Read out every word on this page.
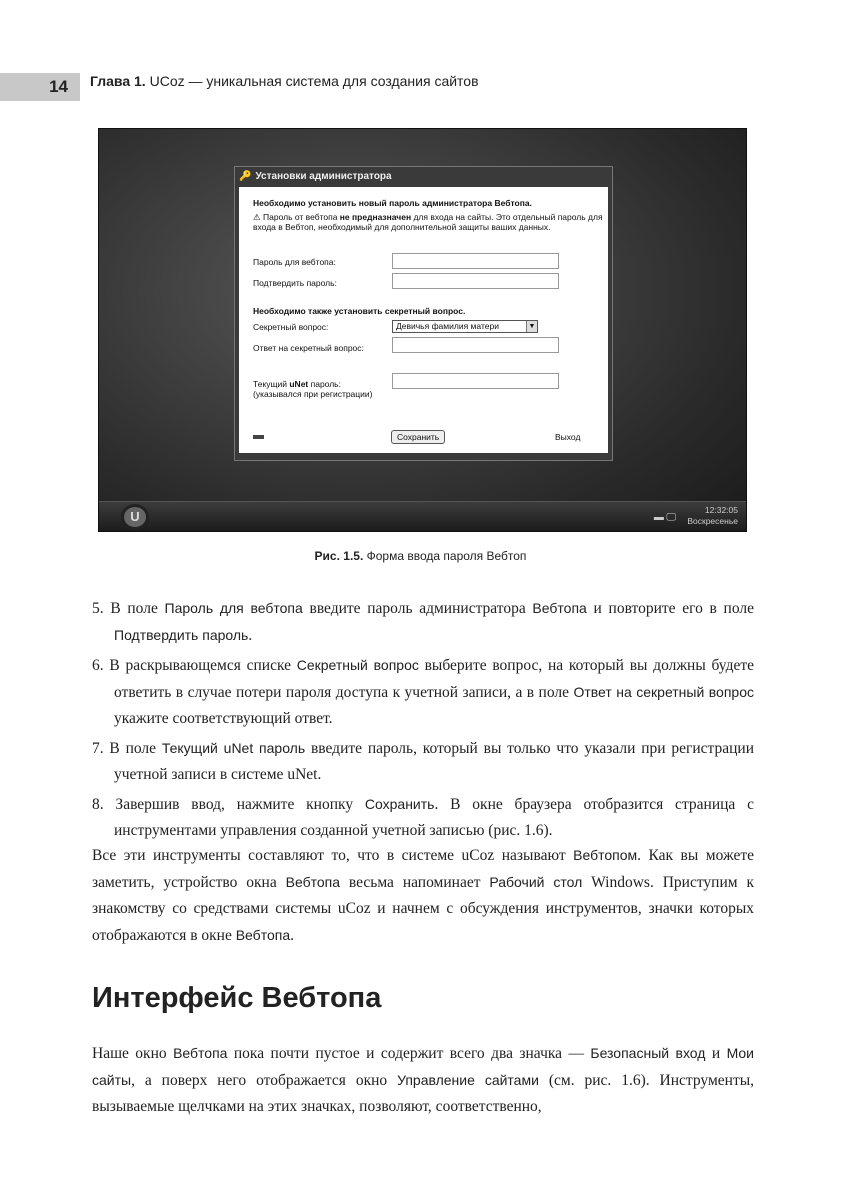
14	Глава 1. UCoz — уникальная система для создания сайтов
🔑 Установки администратора
Необходимо установить новый пароль администратора Вебтопа.
⚠ Пароль от вебтопа не предназначен для входа на сайты. Это отдельный пароль для входа в Вебтоп, необходимый для дополнительной защиты ваших данных.
Пароль для вебтопа:
Подтвердить пароль:
Необходимо также установить секретный вопрос.
Секретный вопрос:	Девичья фамилия матери	▼
Ответ на секретный вопрос:
Текущий uNet пароль:
(указывался при регистрации)
Сохранить	Выход
U	▬ 🖵
12:32:05
Воскресенье
Рис. 1.5. Форма ввода пароля Вебтоп
5. В поле Пароль для вебтопа введите пароль администратора Вебтопа и повторите его в поле Подтвердить пароль.
6. В раскрывающемся списке Секретный вопрос выберите вопрос, на который вы должны будете ответить в случае потери пароля доступа к учетной записи, а в поле Ответ на секретный вопрос укажите соответствующий ответ.
7. В поле Текущий uNet пароль введите пароль, который вы только что указали при регистрации учетной записи в системе uNet.
8. Завершив ввод, нажмите кнопку Сохранить. В окне браузера отобразится страница с инструментами управления созданной учетной записью (рис. 1.6).
Все эти инструменты составляют то, что в системе uCoz называют Вебтопом. Как вы можете заметить, устройство окна Вебтопа весьма напоминает Рабочий стол Windows. Приступим к знакомству со средствами системы uCoz и начнем с обсуждения инструментов, значки которых отображаются в окне Вебтопа.
Интерфейс Вебтопа
Наше окно Вебтопа пока почти пустое и содержит всего два значка — Безопасный вход и Мои сайты, а поверх него отображается окно Управление сайтами (см. рис. 1.6). Инструменты, вызываемые щелчками на этих значках, позволяют, соответственно,
